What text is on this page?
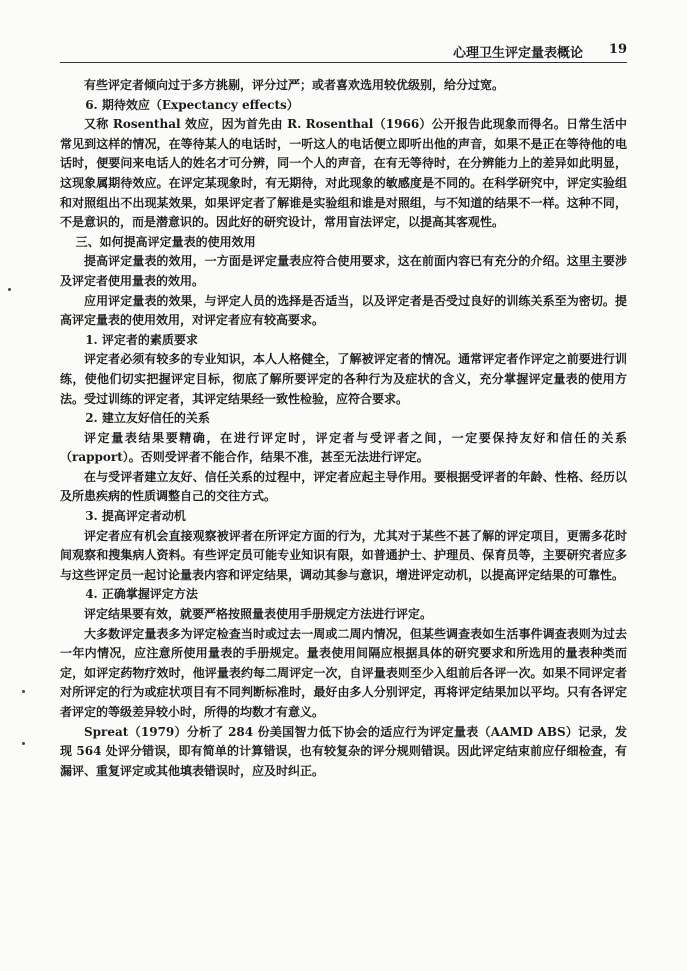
心理卫生评定量表概论 19

有些评定者倾向过于多方挑剔，评分过严；或者喜欢选用较优级别，给分过宽。

6. 期待效应（Expectancy effects）

又称 Rosenthal 效应，因为首先由 R. Rosenthal（1966）公开报告此现象而得名。日常生活中常见到这样的情况，在等待某人的电话时，一听这人的电话便立即听出他的声音，如果不是正在等待他的电话时，便要问来电话人的姓名才可分辨，同一个人的声音，在有无等待时，在分辨能力上的差异如此明显，这现象属期待效应。在评定某现象时，有无期待，对此现象的敏感度是不同的。在科学研究中，评定实验组和对照组出不出现某效果，如果评定者了解谁是实验组和谁是对照组，与不知道的结果不一样。这种不同，不是意识的，而是潜意识的。因此好的研究设计，常用盲法评定，以提高其客观性。

三、如何提高评定量表的使用效用

提高评定量表的效用，一方面是评定量表应符合使用要求，这在前面内容已有充分的介绍。这里主要涉及评定者使用量表的效用。

应用评定量表的效果，与评定人员的选择是否适当，以及评定者是否受过良好的训练关系至为密切。提高评定量表的使用效用，对评定者应有较高要求。

1. 评定者的素质要求

评定者必须有较多的专业知识，本人人格健全，了解被评定者的情况。通常评定者作评定之前要进行训练，使他们切实把握评定目标，彻底了解所要评定的各种行为及症状的含义，充分掌握评定量表的使用方法。受过训练的评定者，其评定结果经一致性检验，应符合要求。

2. 建立友好信任的关系

评定量表结果要精确，在进行评定时，评定者与受评者之间，一定要保持友好和信任的关系（rapport）。否则受评者不能合作，结果不准，甚至无法进行评定。

在与受评者建立友好、信任关系的过程中，评定者应起主导作用。要根据受评者的年龄、性格、经历以及所患疾病的性质调整自己的交往方式。

3. 提高评定者动机

评定者应有机会直接观察被评者在所评定方面的行为，尤其对于某些不甚了解的评定项目，更需多花时间观察和搜集病人资料。有些评定员可能专业知识有限，如普通护士、护理员、保育员等，主要研究者应多与这些评定员一起讨论量表内容和评定结果，调动其参与意识，增进评定动机，以提高评定结果的可靠性。

4. 正确掌握评定方法

评定结果要有效，就要严格按照量表使用手册规定方法进行评定。

大多数评定量表多为评定检查当时或过去一周或二周内情况，但某些调查表如生活事件调查表则为过去一年内情况，应注意所使用量表的手册规定。量表使用间隔应根据具体的研究要求和所选用的量表种类而定，如评定药物疗效时，他评量表约每二周评定一次，自评量表则至少入组前后各评一次。如果不同评定者对所评定的行为或症状项目有不同判断标准时，最好由多人分别评定，再将评定结果加以平均。只有各评定者评定的等级差异较小时，所得的均数才有意义。

Spreat（1979）分析了 284 份美国智力低下协会的适应行为评定量表（AAMD ABS）记录，发现 564 处评分错误，即有简单的计算错误，也有较复杂的评分规则错误。因此评定结束前应仔细检查，有漏评、重复评定或其他填表错误时，应及时纠正。
